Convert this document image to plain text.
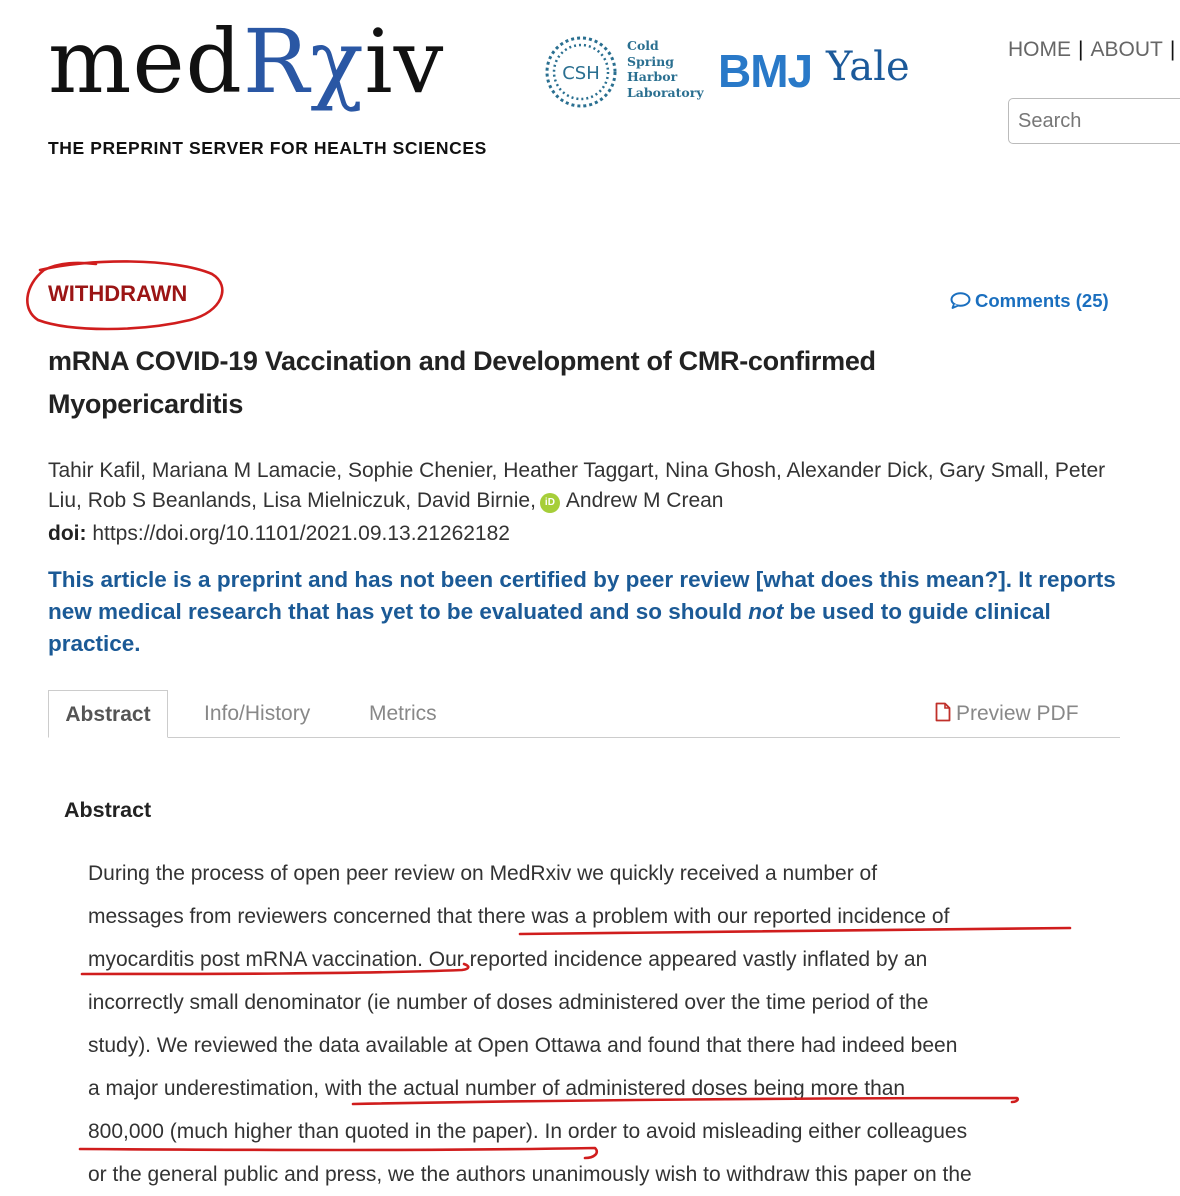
medRχiv
THE PREPRINT SERVER FOR HEALTH SCIENCES
CSH
Cold
Spring
Harbor
Laboratory BMJ Yale	HOME | ABOUT |
Search
WITHDRAWN	Comments (25)
mRNA COVID-19 Vaccination and Development of CMR-confirmed Myopericarditis
Tahir Kafil, Mariana M Lamacie, Sophie Chenier, Heather Taggart, Nina Ghosh, Alexander Dick, Gary Small, Peter Liu, Rob S Beanlands, Lisa Mielniczuk, David Birnie, iD Andrew M Crean
doi: https://doi.org/10.1101/2021.09.13.21262182
This article is a preprint and has not been certified by peer review [what does this mean?]. It reports new medical research that has yet to be evaluated and so should not be used to guide clinical practice.
Abstract	Info/History	Metrics	Preview PDF
Abstract
During the process of open peer review on MedRxiv we quickly received a number of
messages from reviewers concerned that there was a problem with our reported incidence of
myocarditis post mRNA vaccination. Our reported incidence appeared vastly inflated by an
incorrectly small denominator (ie number of doses administered over the time period of the
study). We reviewed the data available at Open Ottawa and found that there had indeed been
a major underestimation, with the actual number of administered doses being more than
800,000 (much higher than quoted in the paper). In order to avoid misleading either colleagues
or the general public and press, we the authors unanimously wish to withdraw this paper on the
